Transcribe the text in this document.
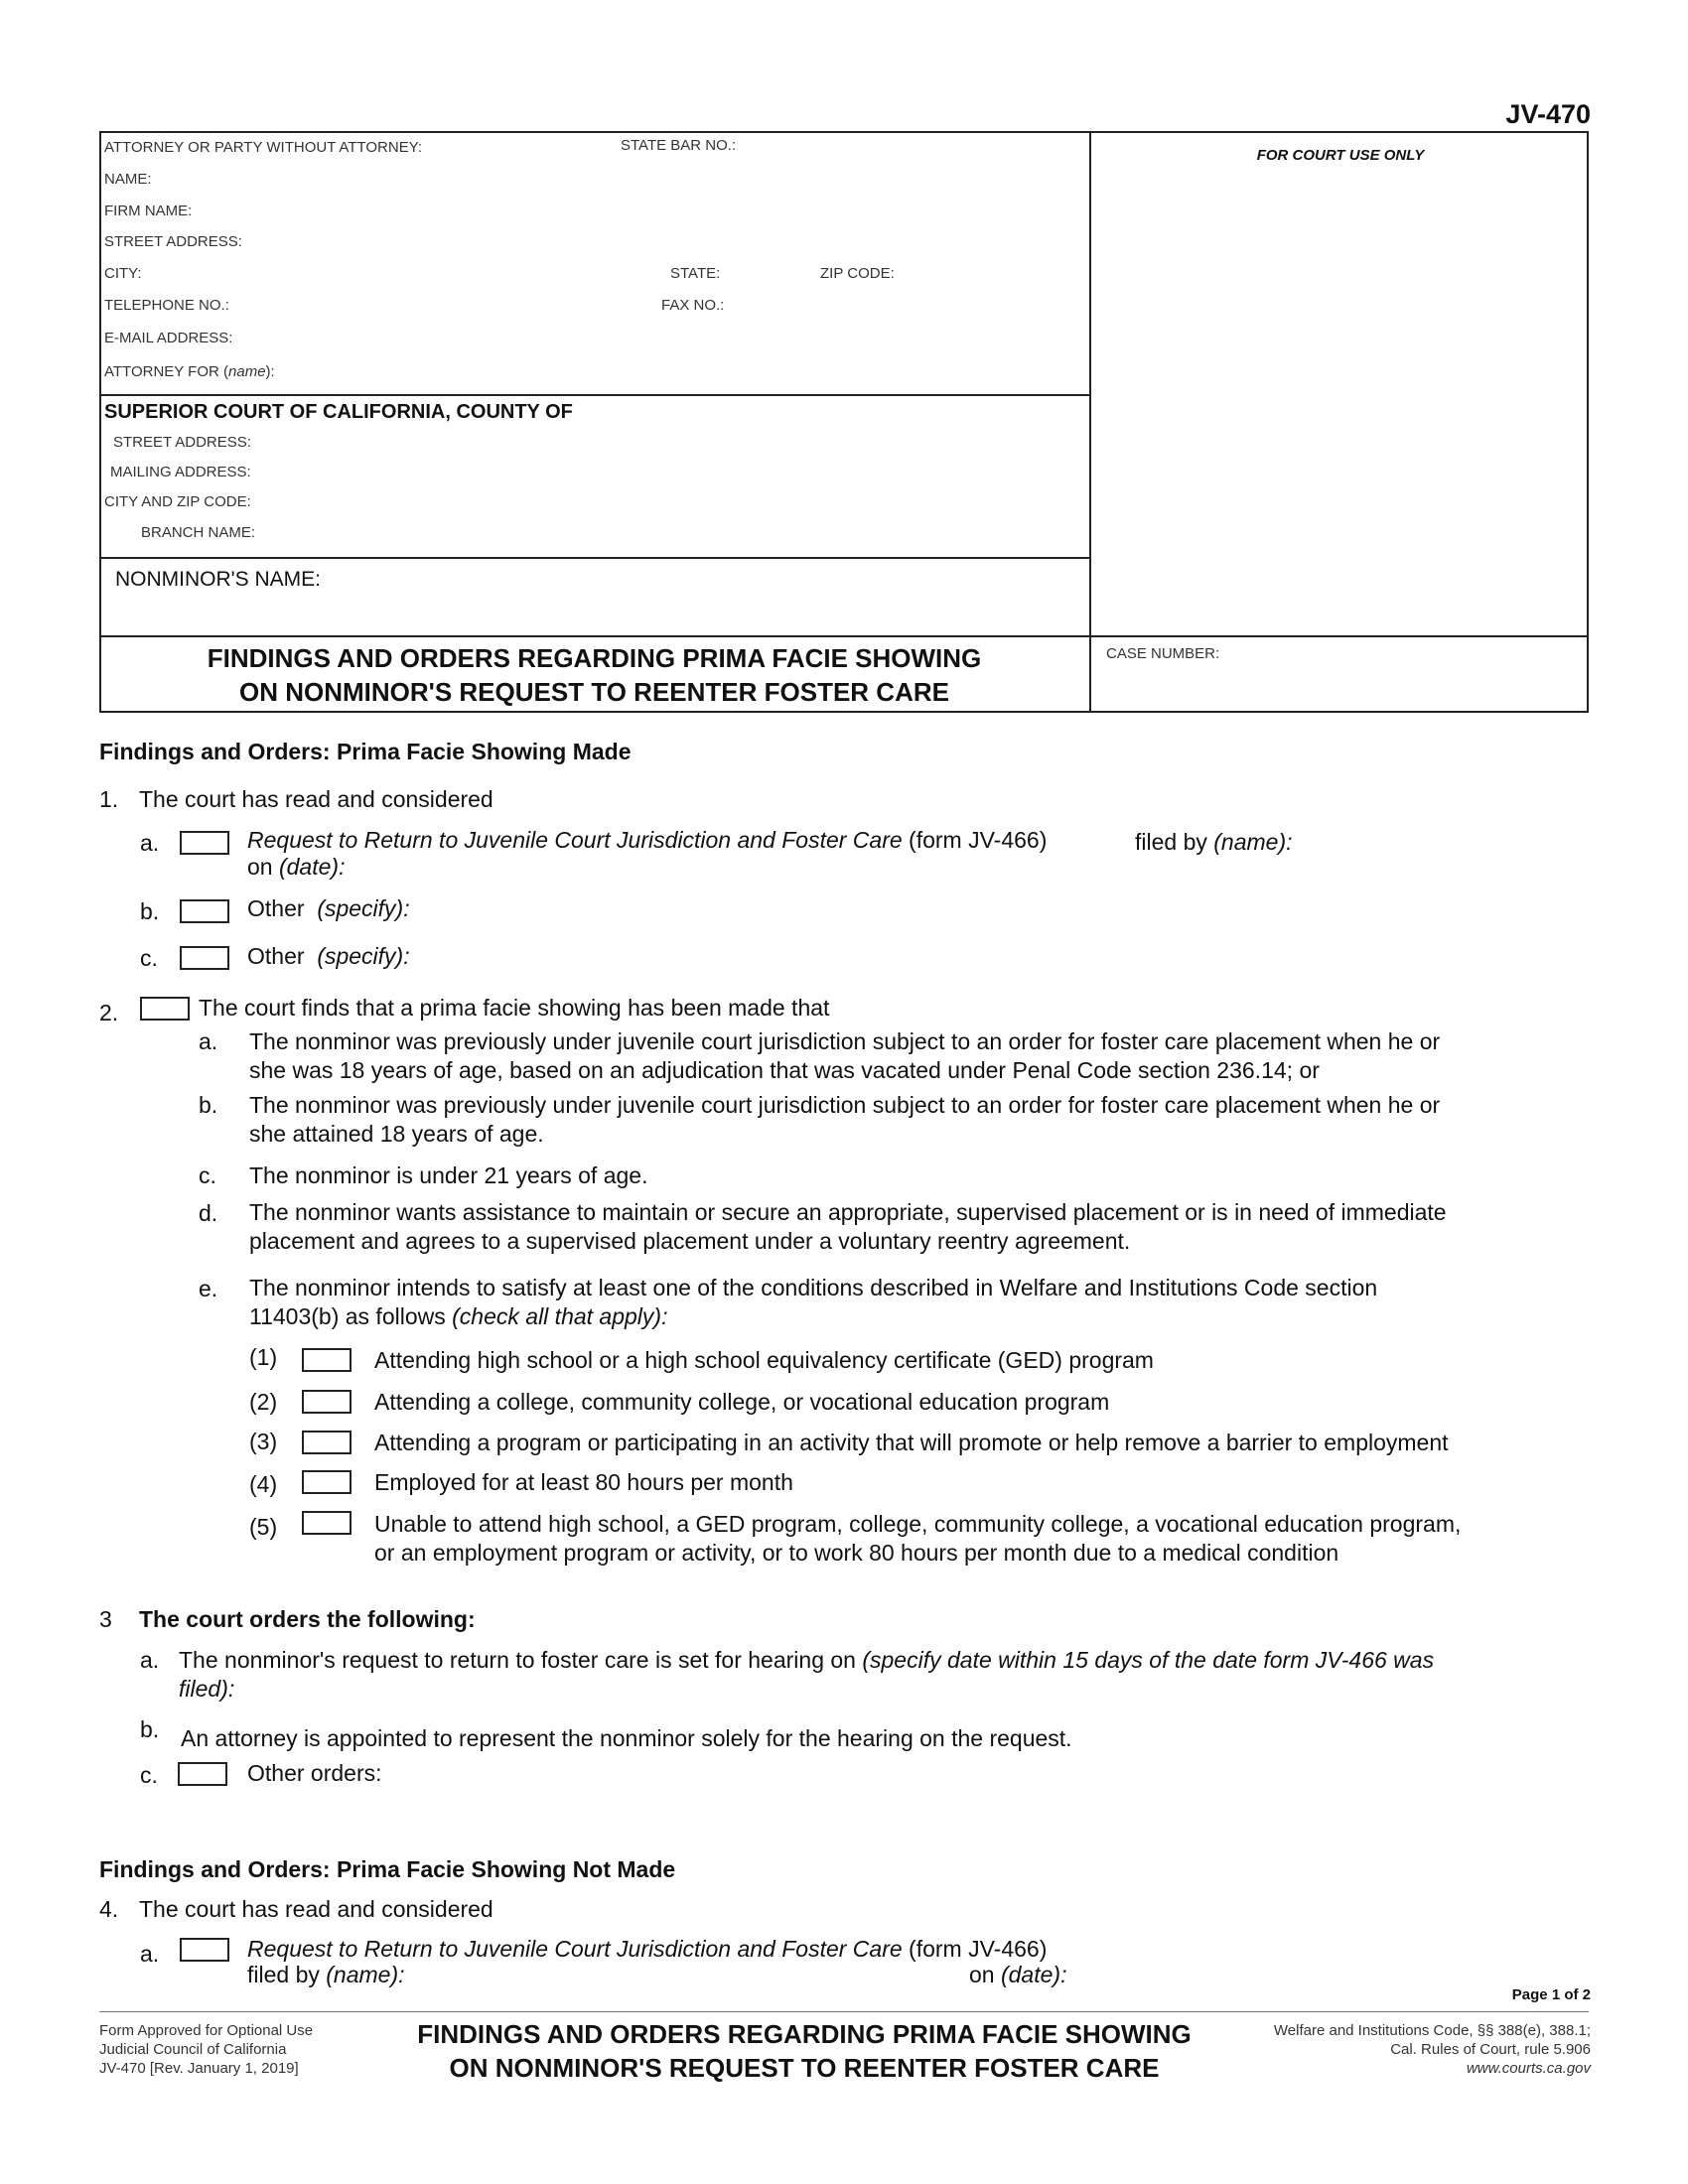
JV-470
ATTORNEY OR PARTY WITHOUT ATTORNEY:	STATE BAR NO.:
NAME:
FIRM NAME:
STREET ADDRESS:
CITY:	STATE:	ZIP CODE:
TELEPHONE NO.:	FAX NO.:
E-MAIL ADDRESS:
ATTORNEY FOR (name):
SUPERIOR COURT OF CALIFORNIA, COUNTY OF
STREET ADDRESS:
MAILING ADDRESS:
CITY AND ZIP CODE:
BRANCH NAME:
NONMINOR'S NAME:
FOR COURT USE ONLY
CASE NUMBER:
FINDINGS AND ORDERS REGARDING PRIMA FACIE SHOWING
ON NONMINOR'S REQUEST TO REENTER FOSTER CARE
Findings and Orders: Prima Facie Showing Made
1. The court has read and considered
a.	Request to Return to Juvenile Court Jurisdiction and Foster Care (form JV-466)	filed by (name):
on (date):
b.	Other (specify):
c.	Other (specify):
2.	The court finds that a prima facie showing has been made that
a. The nonminor was previously under juvenile court jurisdiction subject to an order for foster care placement when he or
she was 18 years of age, based on an adjudication that was vacated under Penal Code section 236.14; or
b. The nonminor was previously under juvenile court jurisdiction subject to an order for foster care placement when he or
she attained 18 years of age.
c. The nonminor is under 21 years of age.
d. The nonminor wants assistance to maintain or secure an appropriate, supervised placement or is in need of immediate
placement and agrees to a supervised placement under a voluntary reentry agreement.
e. The nonminor intends to satisfy at least one of the conditions described in Welfare and Institutions Code section
11403(b) as follows (check all that apply):
(1)	Attending high school or a high school equivalency certificate (GED) program
(2)	Attending a college, community college, or vocational education program
(3)	Attending a program or participating in an activity that will promote or help remove a barrier to employment
(4)	Employed for at least 80 hours per month
(5)	Unable to attend high school, a GED program, college, community college, a vocational education program,
or an employment program or activity, or to work 80 hours per month due to a medical condition
3 The court orders the following:
a. The nonminor's request to return to foster care is set for hearing on (specify date within 15 days of the date form JV-466 was
filed):
b. An attorney is appointed to represent the nonminor solely for the hearing on the request.
c.	Other orders:
Findings and Orders: Prima Facie Showing Not Made
4. The court has read and considered
a.	Request to Return to Juvenile Court Jurisdiction and Foster Care (form JV-466)
filed by (name):	on (date):
Page 1 of 2
Form Approved for Optional Use
Judicial Council of California
JV-470 [Rev. January 1, 2019]
FINDINGS AND ORDERS REGARDING PRIMA FACIE SHOWING
ON NONMINOR'S REQUEST TO REENTER FOSTER CARE
Welfare and Institutions Code, §§ 388(e), 388.1;
Cal. Rules of Court, rule 5.906
www.courts.ca.gov
